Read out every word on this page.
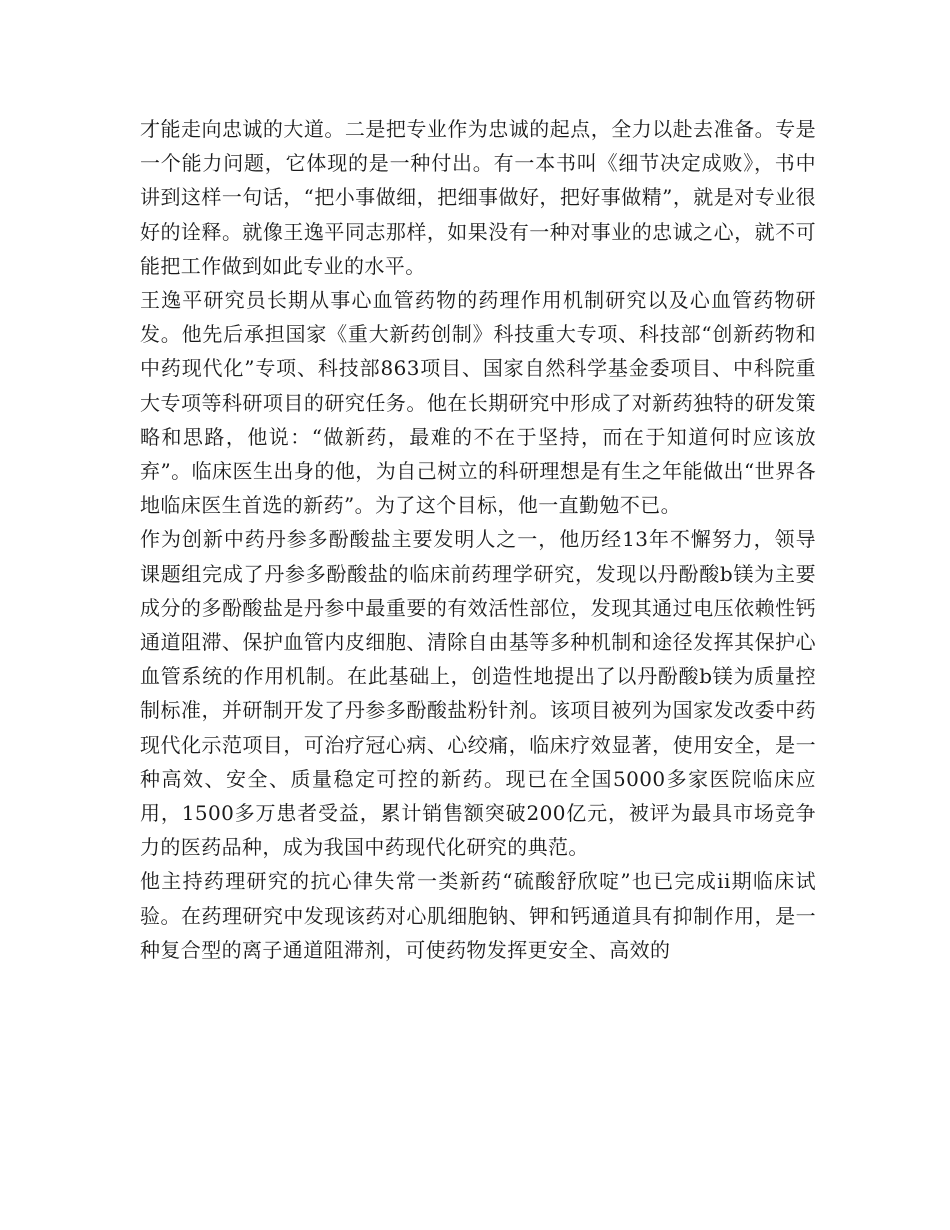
才能走向忠诚的大道。二是把专业作为忠诚的起点，全力以赴去准备。专是一个能力问题，它体现的是一种付出。有一本书叫《细节决定成败》，书中讲到这样一句话，“把小事做细，把细事做好，把好事做精”，就是对专业很好的诠释。就像王逸平同志那样，如果没有一种对事业的忠诚之心，就不可能把工作做到如此专业的水平。

王逸平研究员长期从事心血管药物的药理作用机制研究以及心血管药物研发。他先后承担国家《重大新药创制》科技重大专项、科技部“创新药物和中药现代化”专项、科技部863项目、国家自然科学基金委项目、中科院重大专项等科研项目的研究任务。他在长期研究中形成了对新药独特的研发策略和思路，他说：“做新药，最难的不在于坚持，而在于知道何时应该放弃”。临床医生出身的他，为自己树立的科研理想是有生之年能做出“世界各地临床医生首选的新药”。为了这个目标，他一直勤勉不已。

作为创新中药丹参多酚酸盐主要发明人之一，他历经13年不懈努力，领导课题组完成了丹参多酚酸盐的临床前药理学研究，发现以丹酚酸b镁为主要成分的多酚酸盐是丹参中最重要的有效活性部位，发现其通过电压依赖性钙通道阻滞、保护血管内皮细胞、清除自由基等多种机制和途径发挥其保护心血管系统的作用机制。在此基础上，创造性地提出了以丹酚酸b镁为质量控制标准，并研制开发了丹参多酚酸盐粉针剂。该项目被列为国家发改委中药现代化示范项目，可治疗冠心病、心绞痛，临床疗效显著，使用安全，是一种高效、安全、质量稳定可控的新药。现已在全国5000多家医院临床应用，1500多万患者受益，累计销售额突破200亿元，被评为最具市场竞争力的医药品种，成为我国中药现代化研究的典范。

他主持药理研究的抗心律失常一类新药“硫酸舒欣啶”也已完成ii期临床试验。在药理研究中发现该药对心肌细胞钠、钾和钙通道具有抑制作用，是一种复合型的离子通道阻滞剂，可使药物发挥更安全、高效的
